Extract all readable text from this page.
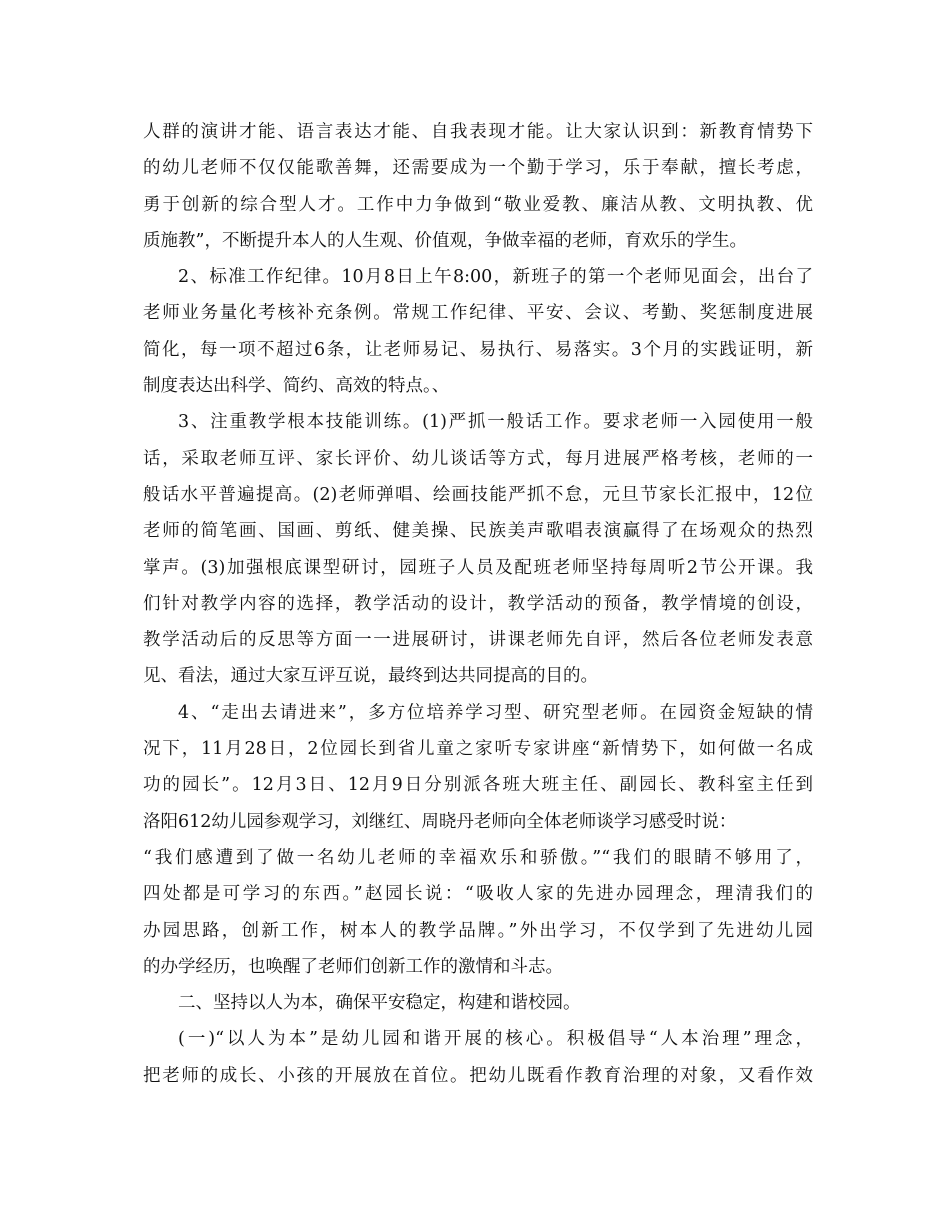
人群的演讲才能、语言表达才能、自我表现才能。让大家认识到：新教育情势下
的幼儿老师不仅仅能歌善舞，还需要成为一个勤于学习，乐于奉献，擅长考虑，
勇于创新的综合型人才。工作中力争做到“敬业爱教、廉洁从教、文明执教、优
质施教”，不断提升本人的人生观、价值观，争做幸福的老师，育欢乐的学生。
2、标准工作纪律。10月8日上午8:00，新班子的第一个老师见面会，出台了
老师业务量化考核补充条例。常规工作纪律、平安、会议、考勤、奖惩制度进展
简化，每一项不超过6条，让老师易记、易执行、易落实。3个月的实践证明，新
制度表达出科学、简约、高效的特点。、
3、注重教学根本技能训练。(1)严抓一般话工作。要求老师一入园使用一般
话，采取老师互评、家长评价、幼儿谈话等方式，每月进展严格考核，老师的一
般话水平普遍提高。(2)老师弹唱、绘画技能严抓不怠，元旦节家长汇报中，12位
老师的简笔画、国画、剪纸、健美操、民族美声歌唱表演赢得了在场观众的热烈
掌声。(3)加强根底课型研讨，园班子人员及配班老师坚持每周听2节公开课。我
们针对教学内容的选择，教学活动的设计，教学活动的预备，教学情境的创设，
教学活动后的反思等方面一一进展研讨，讲课老师先自评，然后各位老师发表意
见、看法，通过大家互评互说，最终到达共同提高的目的。
4、“走出去请进来”，多方位培养学习型、研究型老师。在园资金短缺的情
况下，11月28日，2位园长到省儿童之家听专家讲座“新情势下，如何做一名成
功的园长”。12月3日、12月9日分别派各班大班主任、副园长、教科室主任到
洛阳612幼儿园参观学习，刘继红、周晓丹老师向全体老师谈学习感受时说：
“我们感遭到了做一名幼儿老师的幸福欢乐和骄傲。”“我们的眼睛不够用了，
四处都是可学习的东西。”赵园长说：“吸收人家的先进办园理念，理清我们的
办园思路，创新工作，树本人的教学品牌。”外出学习，不仅学到了先进幼儿园
的办学经历，也唤醒了老师们创新工作的激情和斗志。
二、坚持以人为本，确保平安稳定，构建和谐校园。
(一)“以人为本”是幼儿园和谐开展的核心。积极倡导“人本治理”理念，
把老师的成长、小孩的开展放在首位。把幼儿既看作教育治理的对象，又看作效
